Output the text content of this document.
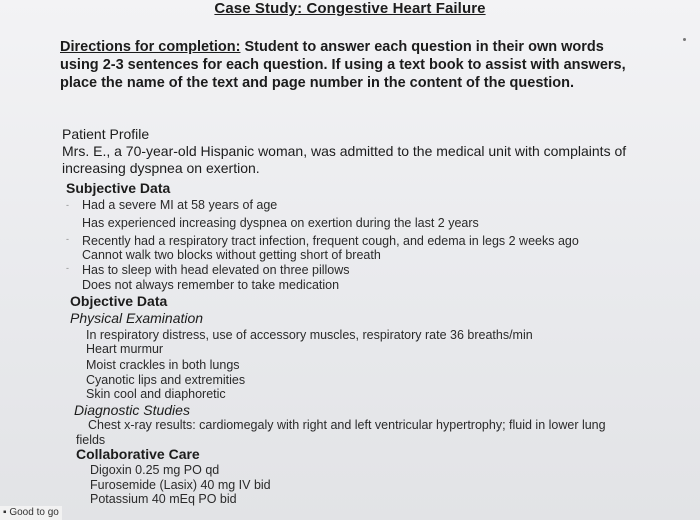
Case Study: Congestive Heart Failure
Directions for completion: Student to answer each question in their own words using 2-3 sentences for each question. If using a text book to assist with answers, place the name of the text and page number in the content of the question.
Patient Profile
Mrs. E., a 70-year-old Hispanic woman, was admitted to the medical unit with complaints of increasing dyspnea on exertion.
Subjective Data
Had a severe MI at 58 years of age
Has experienced increasing dyspnea on exertion during the last 2 years
Recently had a respiratory tract infection, frequent cough, and edema in legs 2 weeks ago
Cannot walk two blocks without getting short of breath
Has to sleep with head elevated on three pillows
Does not always remember to take medication
-
-
-
Objective Data
Physical Examination
In respiratory distress, use of accessory muscles, respiratory rate 36 breaths/min
Heart murmur
Moist crackles in both lungs
Cyanotic lips and extremities
Skin cool and diaphoretic
Diagnostic Studies
Chest x-ray results: cardiomegaly with right and left ventricular hypertrophy; fluid in lower lung fields
Collaborative Care
Digoxin 0.25 mg PO qd
Furosemide (Lasix) 40 mg IV bid
Potassium 40 mEq PO bid
▪ Good to go
